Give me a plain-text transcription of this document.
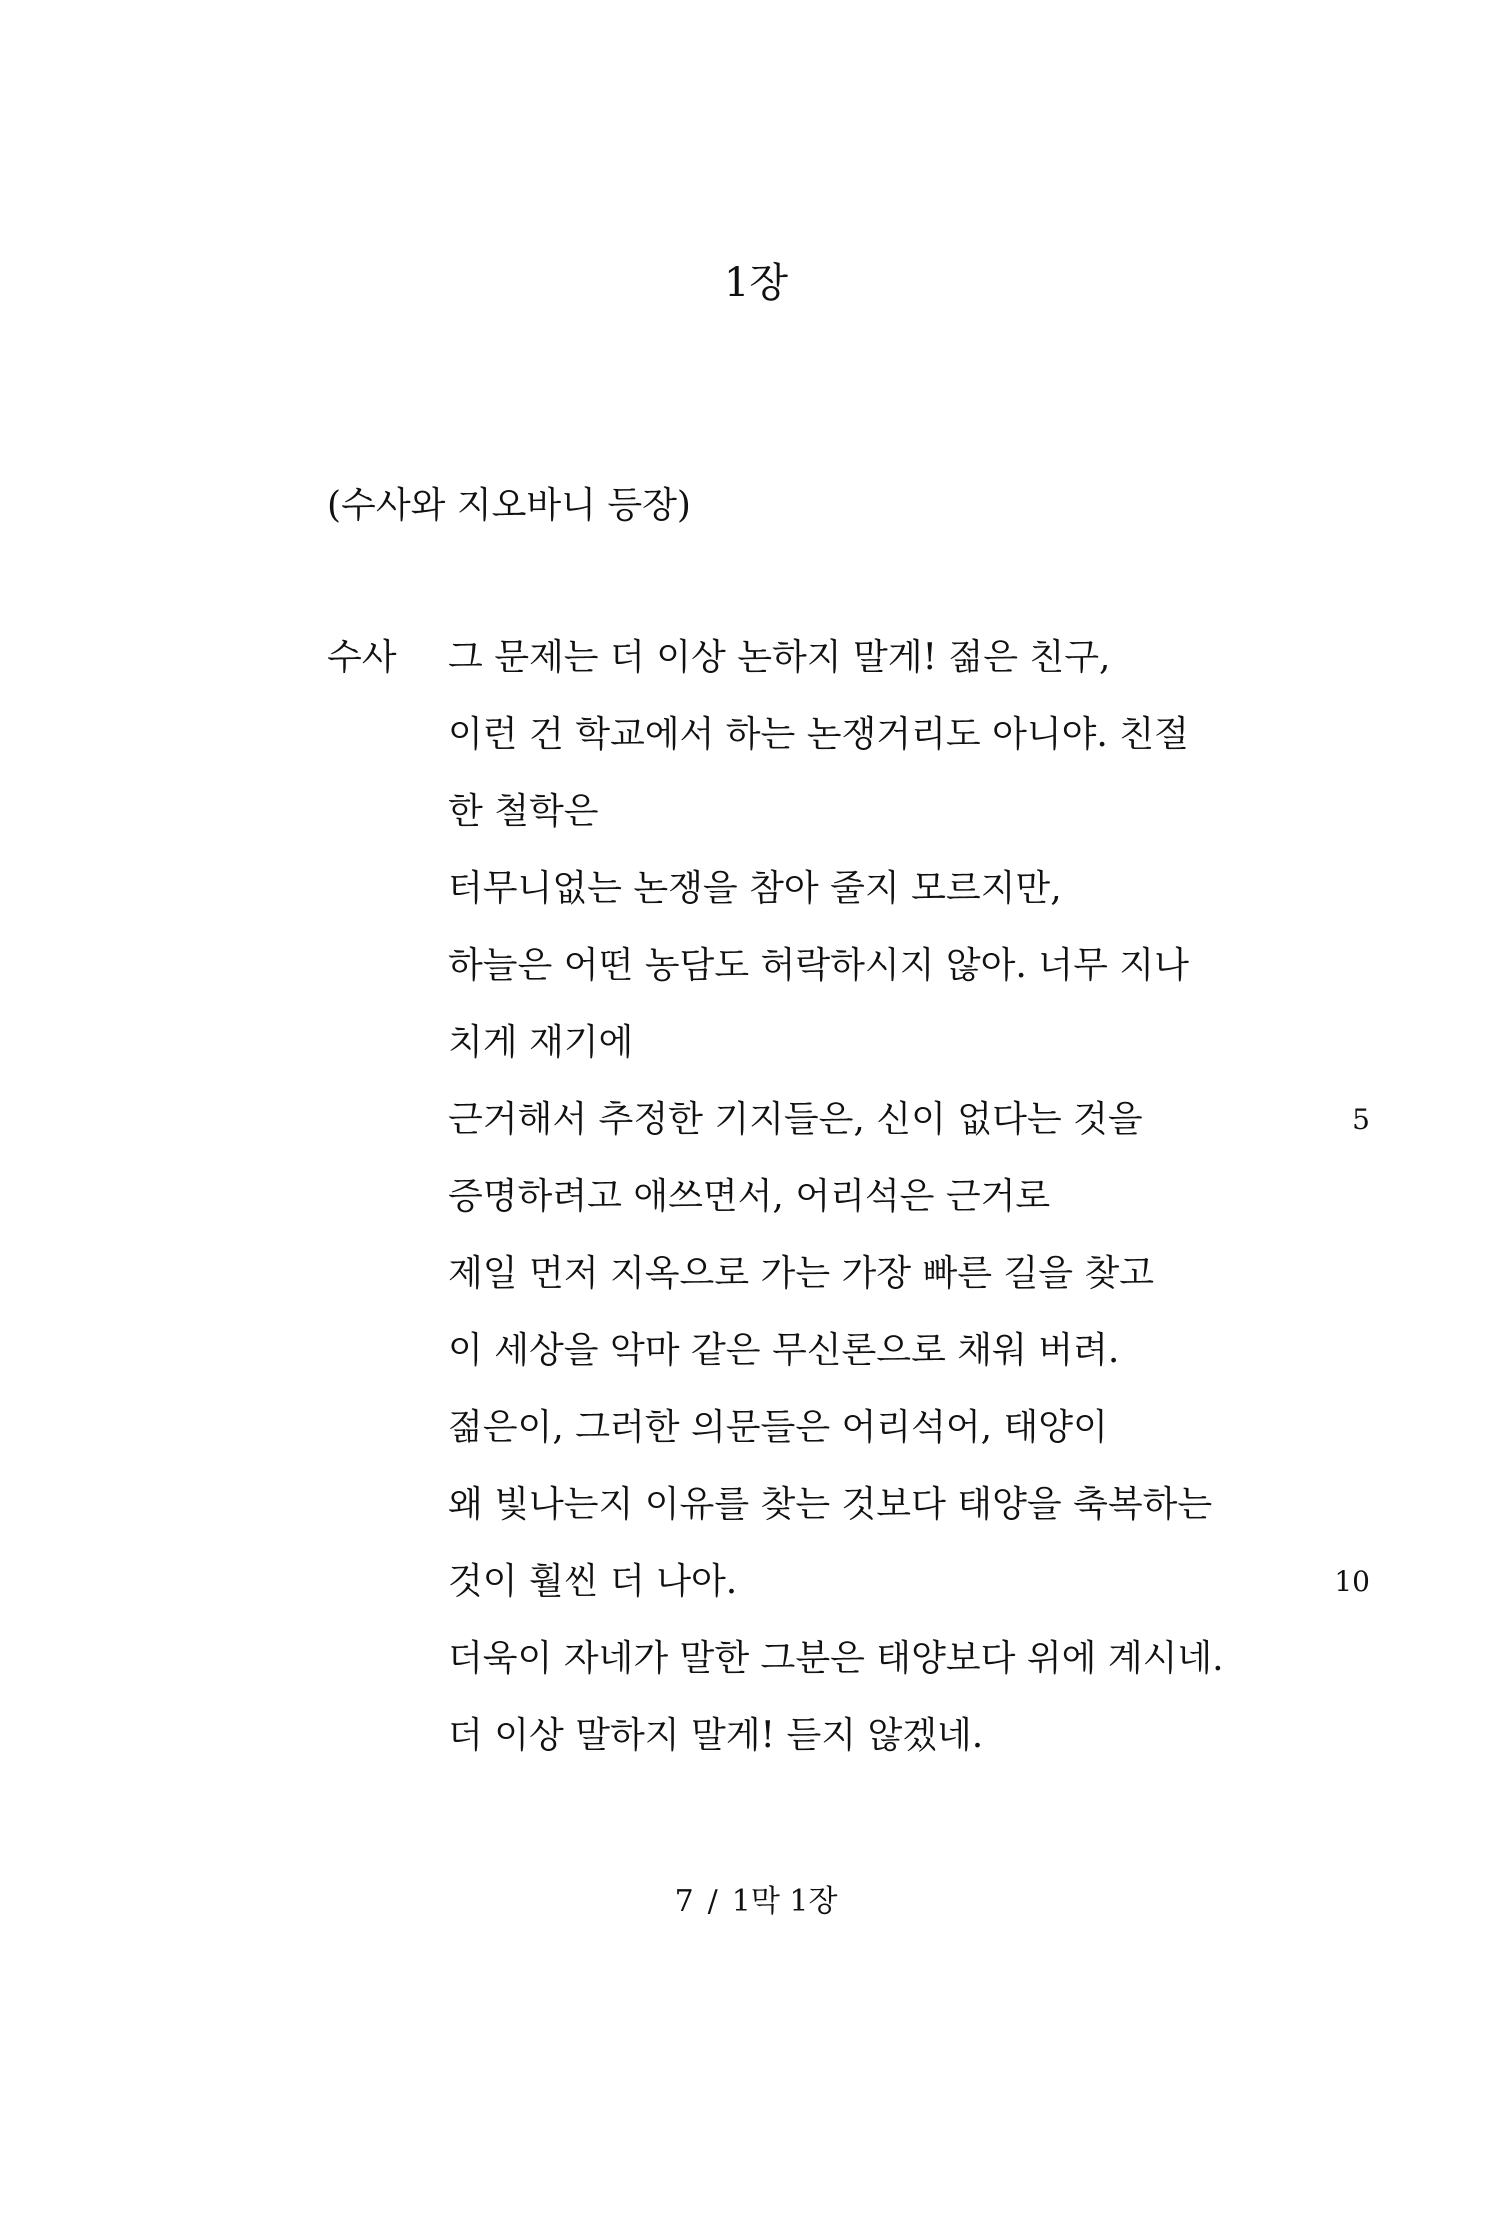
1장
(수사와 지오바니 등장)
수사 그 문제는 더 이상 논하지 말게! 젊은 친구,
이런 건 학교에서 하는 논쟁거리도 아니야. 친절
한 철학은
터무니없는 논쟁을 참아 줄지 모르지만,
하늘은 어떤 농담도 허락하시지 않아. 너무 지나
치게 재기에
근거해서 추정한 기지들은, 신이 없다는 것을	5
증명하려고 애쓰면서, 어리석은 근거로
제일 먼저 지옥으로 가는 가장 빠른 길을 찾고
이 세상을 악마 같은 무신론으로 채워 버려.
젊은이, 그러한 의문들은 어리석어, 태양이
왜 빛나는지 이유를 찾는 것보다 태양을 축복하는
것이 훨씬 더 나아.	10
더욱이 자네가 말한 그분은 태양보다 위에 계시네.
더 이상 말하지 말게! 듣지 않겠네.
7 / 1막 1장
